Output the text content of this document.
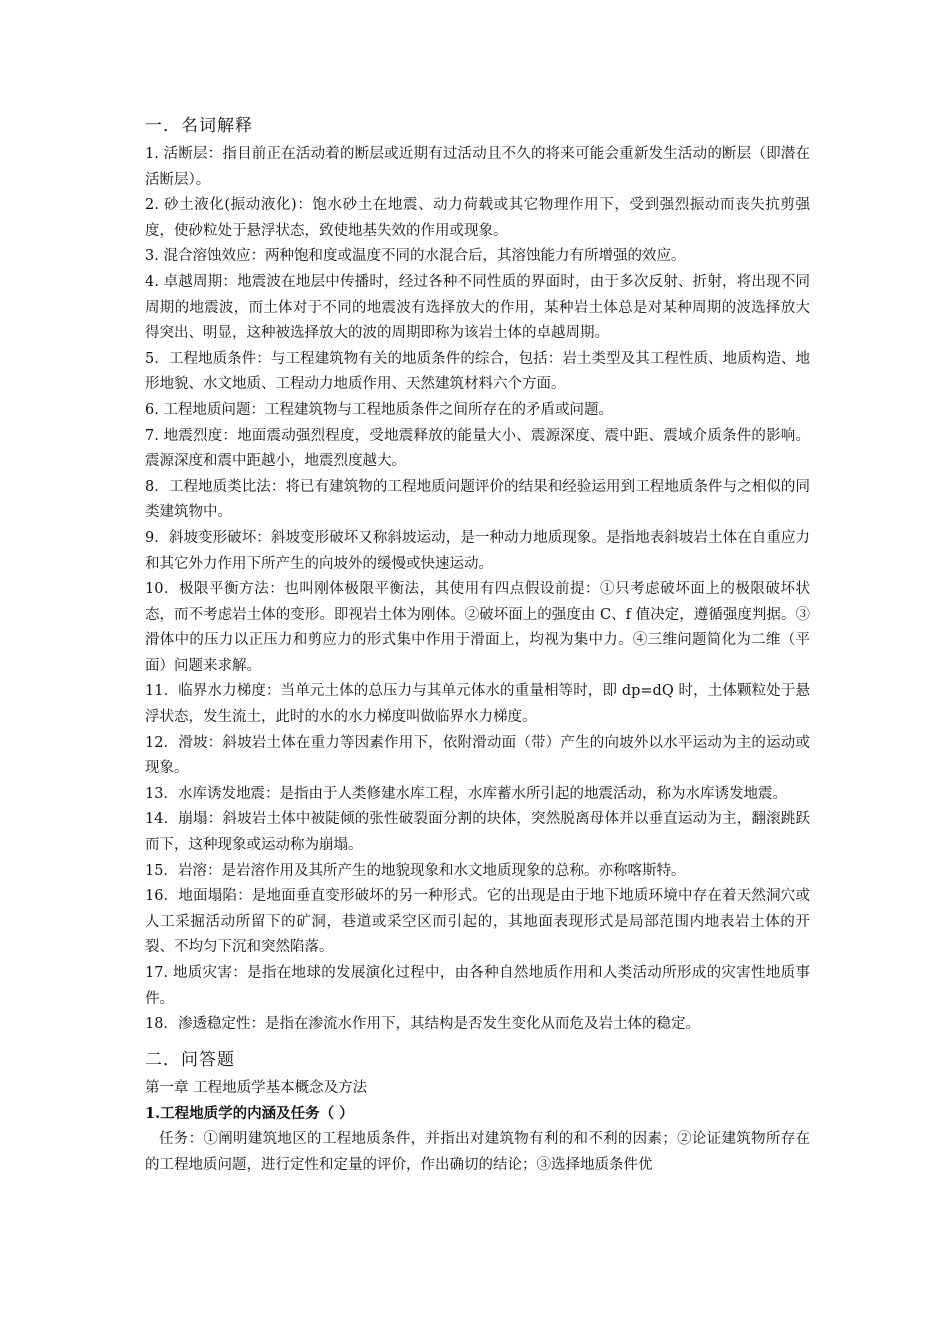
一．名词解释

1. 活断层：指目前正在活动着的断层或近期有过活动且不久的将来可能会重新发生活动的断层（即潜在活断层）。

2. 砂土液化(振动液化)：饱水砂土在地震、动力荷载或其它物理作用下，受到强烈振动而丧失抗剪强度，使砂粒处于悬浮状态，致使地基失效的作用或现象。

3. 混合溶蚀效应：两种饱和度或温度不同的水混合后，其溶蚀能力有所增强的效应。

4. 卓越周期：地震波在地层中传播时，经过各种不同性质的界面时，由于多次反射、折射，将出现不同周期的地震波，而土体对于不同的地震波有选择放大的作用，某种岩土体总是对某种周期的波选择放大得突出、明显，这种被选择放大的波的周期即称为该岩土体的卓越周期。

5．工程地质条件：与工程建筑物有关的地质条件的综合，包括：岩土类型及其工程性质、地质构造、地形地貌、水文地质、工程动力地质作用、天然建筑材料六个方面。

6. 工程地质问题：工程建筑物与工程地质条件之间所存在的矛盾或问题。

7. 地震烈度：地面震动强烈程度，受地震释放的能量大小、震源深度、震中距、震域介质条件的影响。震源深度和震中距越小，地震烈度越大。

8．工程地质类比法：将已有建筑物的工程地质问题评价的结果和经验运用到工程地质条件与之相似的同类建筑物中。

9．斜坡变形破坏：斜坡变形破坏又称斜坡运动，是一种动力地质现象。是指地表斜坡岩土体在自重应力和其它外力作用下所产生的向坡外的缓慢或快速运动。

10．极限平衡方法：也叫刚体极限平衡法，其使用有四点假设前提：①只考虑破坏面上的极限破坏状态，而不考虑岩土体的变形。即视岩土体为刚体。②破坏面上的强度由 C、f 值决定，遵循强度判据。③滑体中的压力以正压力和剪应力的形式集中作用于滑面上，均视为集中力。④三维问题简化为二维（平面）问题来求解。

11．临界水力梯度：当单元土体的总压力与其单元体水的重量相等时，即 dp=dQ 时，土体颗粒处于悬浮状态，发生流土，此时的水的水力梯度叫做临界水力梯度。

12．滑坡：斜坡岩土体在重力等因素作用下，依附滑动面（带）产生的向坡外以水平运动为主的运动或现象。

13．水库诱发地震：是指由于人类修建水库工程，水库蓄水所引起的地震活动，称为水库诱发地震。

14．崩塌：斜坡岩土体中被陡倾的张性破裂面分割的块体，突然脱离母体并以垂直运动为主，翻滚跳跃而下，这种现象或运动称为崩塌。

15．岩溶：是岩溶作用及其所产生的地貌现象和水文地质现象的总称。亦称喀斯特。

16．地面塌陷：是地面垂直变形破坏的另一种形式。它的出现是由于地下地质环境中存在着天然洞穴或人工采掘活动所留下的矿洞，巷道或采空区而引起的，其地面表现形式是局部范围内地表岩土体的开裂、不均匀下沉和突然陷落。

17. 地质灾害：是指在地球的发展演化过程中，由各种自然地质作用和人类活动所形成的灾害性地质事件。

18．渗透稳定性：是指在渗流水作用下，其结构是否发生变化从而危及岩土体的稳定。

二．问答题

第一章 工程地质学基本概念及方法

1.工程地质学的内涵及任务（ ）

任务：①阐明建筑地区的工程地质条件，并指出对建筑物有利的和不利的因素；②论证建筑物所存在的工程地质问题，进行定性和定量的评价，作出确切的结论；③选择地质条件优
